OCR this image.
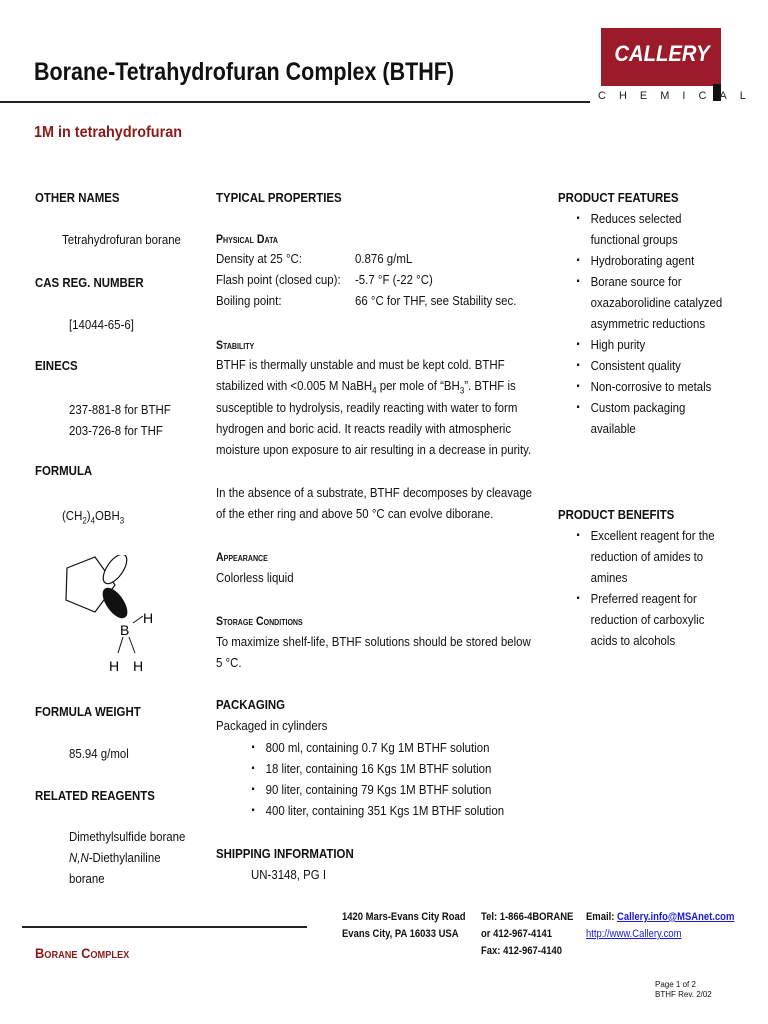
Borane-Tetrahydrofuran Complex (BTHF)
CALLERY
CHEMICAL
1M in tetrahydrofuran
OTHER NAMES
Tetrahydrofuran borane
CAS REG. NUMBER
[14044-65-6]
EINECS
237-881-8 for BTHF
203-726-8 for THF
FORMULA
$(CH_2)_4OBH_3$
B
H
H H
FORMULA WEIGHT
85.94 g/mol
RELATED REAGENTS
Dimethylsulfide borane
N,N-Diethylaniline
borane
TYPICAL PROPERTIES
Physical Data
Density at 25 °C:	0.876 g/mL
Flash point (closed cup): -5.7 °F (-22 °C)
Boiling point:	66 °C for THF, see Stability sec.
Stability
BTHF is thermally unstable and must be kept cold. BTHF
stabilized with <0.005 M NaBH$_4$ per mole of “$BH_3$”. BTHF is
susceptible to hydrolysis, readily reacting with water to form
hydrogen and boric acid. It reacts readily with atmospheric
moisture upon exposure to air resulting in a decrease in purity.
In the absence of a substrate, BTHF decomposes by cleavage
of the ether ring and above 50 °C can evolve diborane.
Appearance
Colorless liquid
Storage Conditions
To maximize shelf-life, BTHF solutions should be stored below
5 °C.
PACKAGING
Packaged in cylinders
▪ 800 ml, containing 0.7 Kg 1M BTHF solution
▪ 18 liter, containing 16 Kgs 1M BTHF solution
▪ 90 liter, containing 79 Kgs 1M BTHF solution
▪ 400 liter, containing 351 Kgs 1M BTHF solution
SHIPPING INFORMATION
UN-3148, PG I
PRODUCT FEATURES
▪ Reduces selected
functional groups
▪ Hydroborating agent
▪ Borane source for
oxazaborolidine catalyzed
asymmetric reductions
▪ High purity
▪ Consistent quality
▪ Non-corrosive to metals
▪ Custom packaging
available
PRODUCT BENEFITS
▪ Excellent reagent for the
reduction of amides to
amines
▪ Preferred reagent for
reduction of carboxylic
acids to alcohols
Borane Complex
1420 Mars-Evans City Road
Evans City, PA 16033 USA
Tel: 1-866-4BORANE
or 412-967-4141
Fax: 412-967-4140
Email: Callery.info@MSAnet.com
http://www.Callery.com
Page 1 of 2
BTHF Rev. 2/02
